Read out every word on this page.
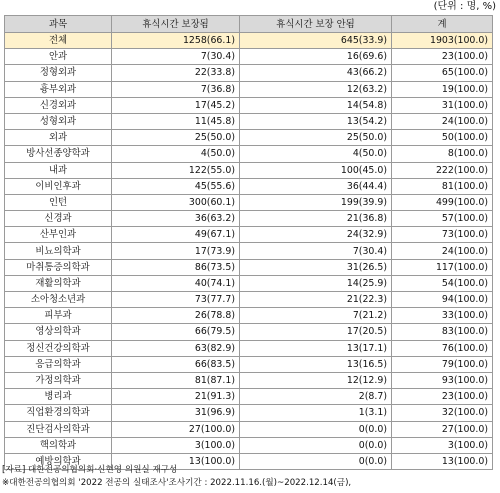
(단위 : 명, %)
과목	휴식시간 보장됨	휴식시간 보장 안됨	계
전체	1258(66.1)	645(33.9)	1903(100.0)
안과	7(30.4)	16(69.6)	23(100.0)
정형외과	22(33.8)	43(66.2)	65(100.0)
흉부외과	7(36.8)	12(63.2)	19(100.0)
신경외과	17(45.2)	14(54.8)	31(100.0)
성형외과	11(45.8)	13(54.2)	24(100.0)
외과	25(50.0)	25(50.0)	50(100.0)
방사선종양학과	4(50.0)	4(50.0)	8(100.0)
내과	122(55.0)	100(45.0)	222(100.0)
이비인후과	45(55.6)	36(44.4)	81(100.0)
인턴	300(60.1)	199(39.9)	499(100.0)
신경과	36(63.2)	21(36.8)	57(100.0)
산부인과	49(67.1)	24(32.9)	73(100.0)
비뇨의학과	17(73.9)	7(30.4)	24(100.0)
마취통증의학과	86(73.5)	31(26.5)	117(100.0)
재활의학과	40(74.1)	14(25.9)	54(100.0)
소아청소년과	73(77.7)	21(22.3)	94(100.0)
피부과	26(78.8)	7(21.2)	33(100.0)
영상의학과	66(79.5)	17(20.5)	83(100.0)
정신건강의학과	63(82.9)	13(17.1)	76(100.0)
응급의학과	66(83.5)	13(16.5)	79(100.0)
가정의학과	81(87.1)	12(12.9)	93(100.0)
병리과	21(91.3)	2(8.7)	23(100.0)
직업환경의학과	31(96.9)	1(3.1)	32(100.0)
진단검사의학과	27(100.0)	0(0.0)	27(100.0)
핵의학과	3(100.0)	0(0.0)	3(100.0)
예방의학과	13(100.0)	0(0.0)	13(100.0)
[자료] 대한전공의협의회·신현영 의원실 재구성
※대한전공의협의회 '2022 전공의 실태조사'조사기간 : 2022.11.16.(월)~2022.12.14(금),
